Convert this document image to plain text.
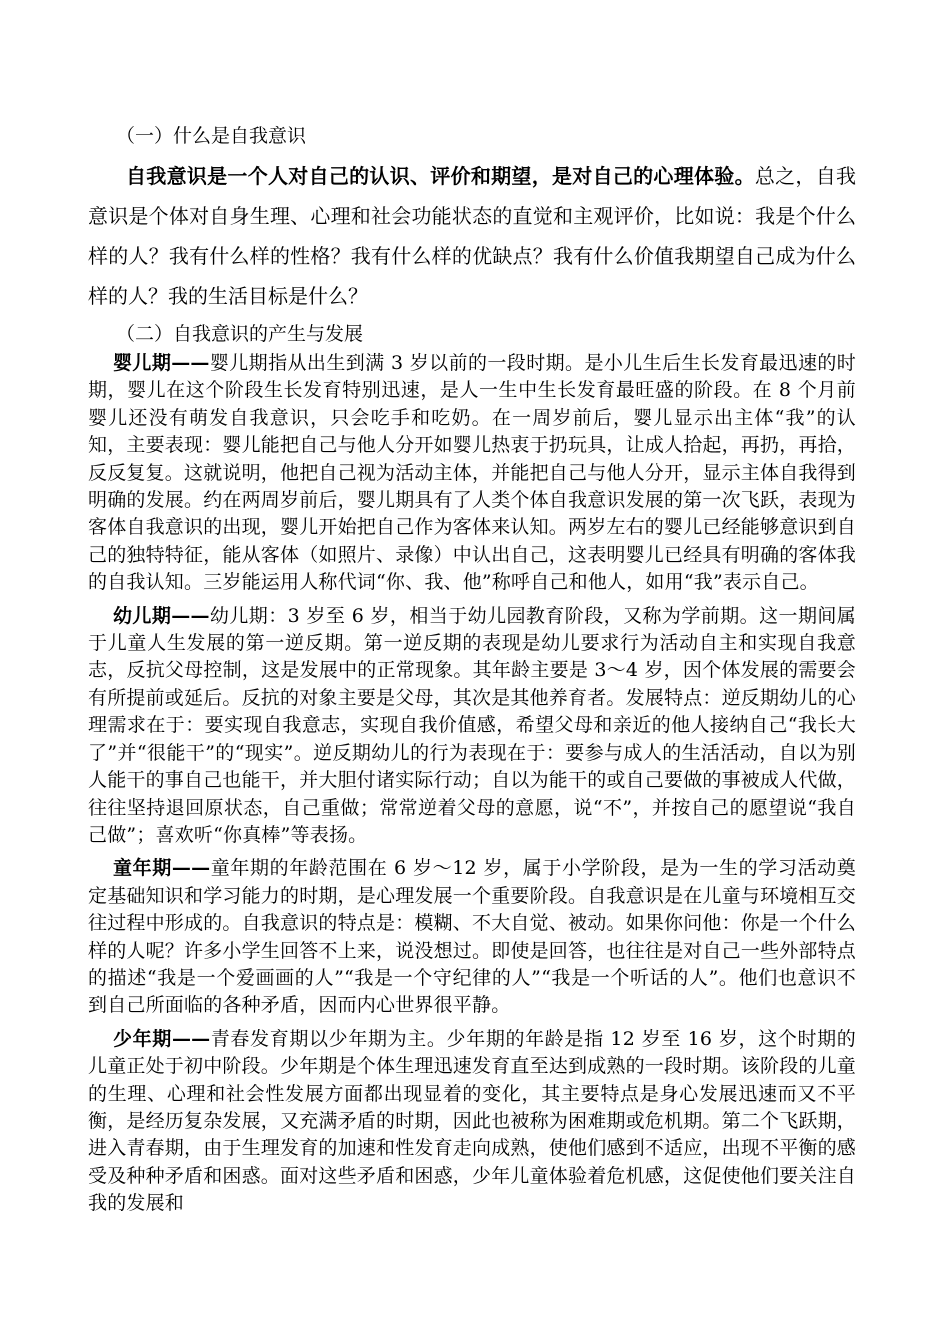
（一）什么是自我意识

自我意识是一个人对自己的认识、评价和期望，是对自己的心理体验。总之，自我意识是个体对自身生理、心理和社会功能状态的直觉和主观评价，比如说：我是个什么样的人？我有什么样的性格？我有什么样的优缺点？我有什么价值我期望自己成为什么样的人？我的生活目标是什么？

（二）自我意识的产生与发展

婴儿期——婴儿期指从出生到满 3 岁以前的一段时期。是小儿生后生长发育最迅速的时期，婴儿在这个阶段生长发育特别迅速，是人一生中生长发育最旺盛的阶段。在 8 个月前婴儿还没有萌发自我意识，只会吃手和吃奶。在一周岁前后，婴儿显示出主体“我”的认知，主要表现：婴儿能把自己与他人分开如婴儿热衷于扔玩具，让成人拾起，再扔，再拾，反反复复。这就说明，他把自己视为活动主体，并能把自己与他人分开，显示主体自我得到明确的发展。约在两周岁前后，婴儿期具有了人类个体自我意识发展的第一次飞跃，表现为客体自我意识的出现，婴儿开始把自己作为客体来认知。两岁左右的婴儿已经能够意识到自己的独特特征，能从客体（如照片、录像）中认出自己，这表明婴儿已经具有明确的客体我的自我认知。三岁能运用人称代词“你、我、他”称呼自己和他人，如用“我”表示自己。

幼儿期——幼儿期：3 岁至 6 岁，相当于幼儿园教育阶段，又称为学前期。这一期间属于儿童人生发展的第一逆反期。第一逆反期的表现是幼儿要求行为活动自主和实现自我意志，反抗父母控制，这是发展中的正常现象。其年龄主要是 3～4 岁，因个体发展的需要会有所提前或延后。反抗的对象主要是父母，其次是其他养育者。发展特点：逆反期幼儿的心理需求在于：要实现自我意志，实现自我价值感，希望父母和亲近的他人接纳自己“我长大了”并“很能干”的“现实”。逆反期幼儿的行为表现在于：要参与成人的生活活动，自以为别人能干的事自己也能干，并大胆付诸实际行动；自以为能干的或自己要做的事被成人代做，往往坚持退回原状态，自己重做；常常逆着父母的意愿，说“不”，并按自己的愿望说“我自己做”；喜欢听“你真棒”等表扬。

童年期——童年期的年龄范围在 6 岁～12 岁，属于小学阶段，是为一生的学习活动奠定基础知识和学习能力的时期，是心理发展一个重要阶段。自我意识是在儿童与环境相互交往过程中形成的。自我意识的特点是：模糊、不大自觉、被动。如果你问他：你是一个什么样的人呢？许多小学生回答不上来，说没想过。即使是回答，也往往是对自己一些外部特点的描述“我是一个爱画画的人”“我是一个守纪律的人”“我是一个听话的人”。他们也意识不到自己所面临的各种矛盾，因而内心世界很平静。

少年期——青春发育期以少年期为主。少年期的年龄是指 12 岁至 16 岁，这个时期的儿童正处于初中阶段。少年期是个体生理迅速发育直至达到成熟的一段时期。该阶段的儿童的生理、心理和社会性发展方面都出现显着的变化，其主要特点是身心发展迅速而又不平衡，是经历复杂发展，又充满矛盾的时期，因此也被称为困难期或危机期。第二个飞跃期，进入青春期，由于生理发育的加速和性发育走向成熟，使他们感到不适应，出现不平衡的感受及种种矛盾和困惑。面对这些矛盾和困惑，少年儿童体验着危机感，这促使他们要关注自我的发展和
